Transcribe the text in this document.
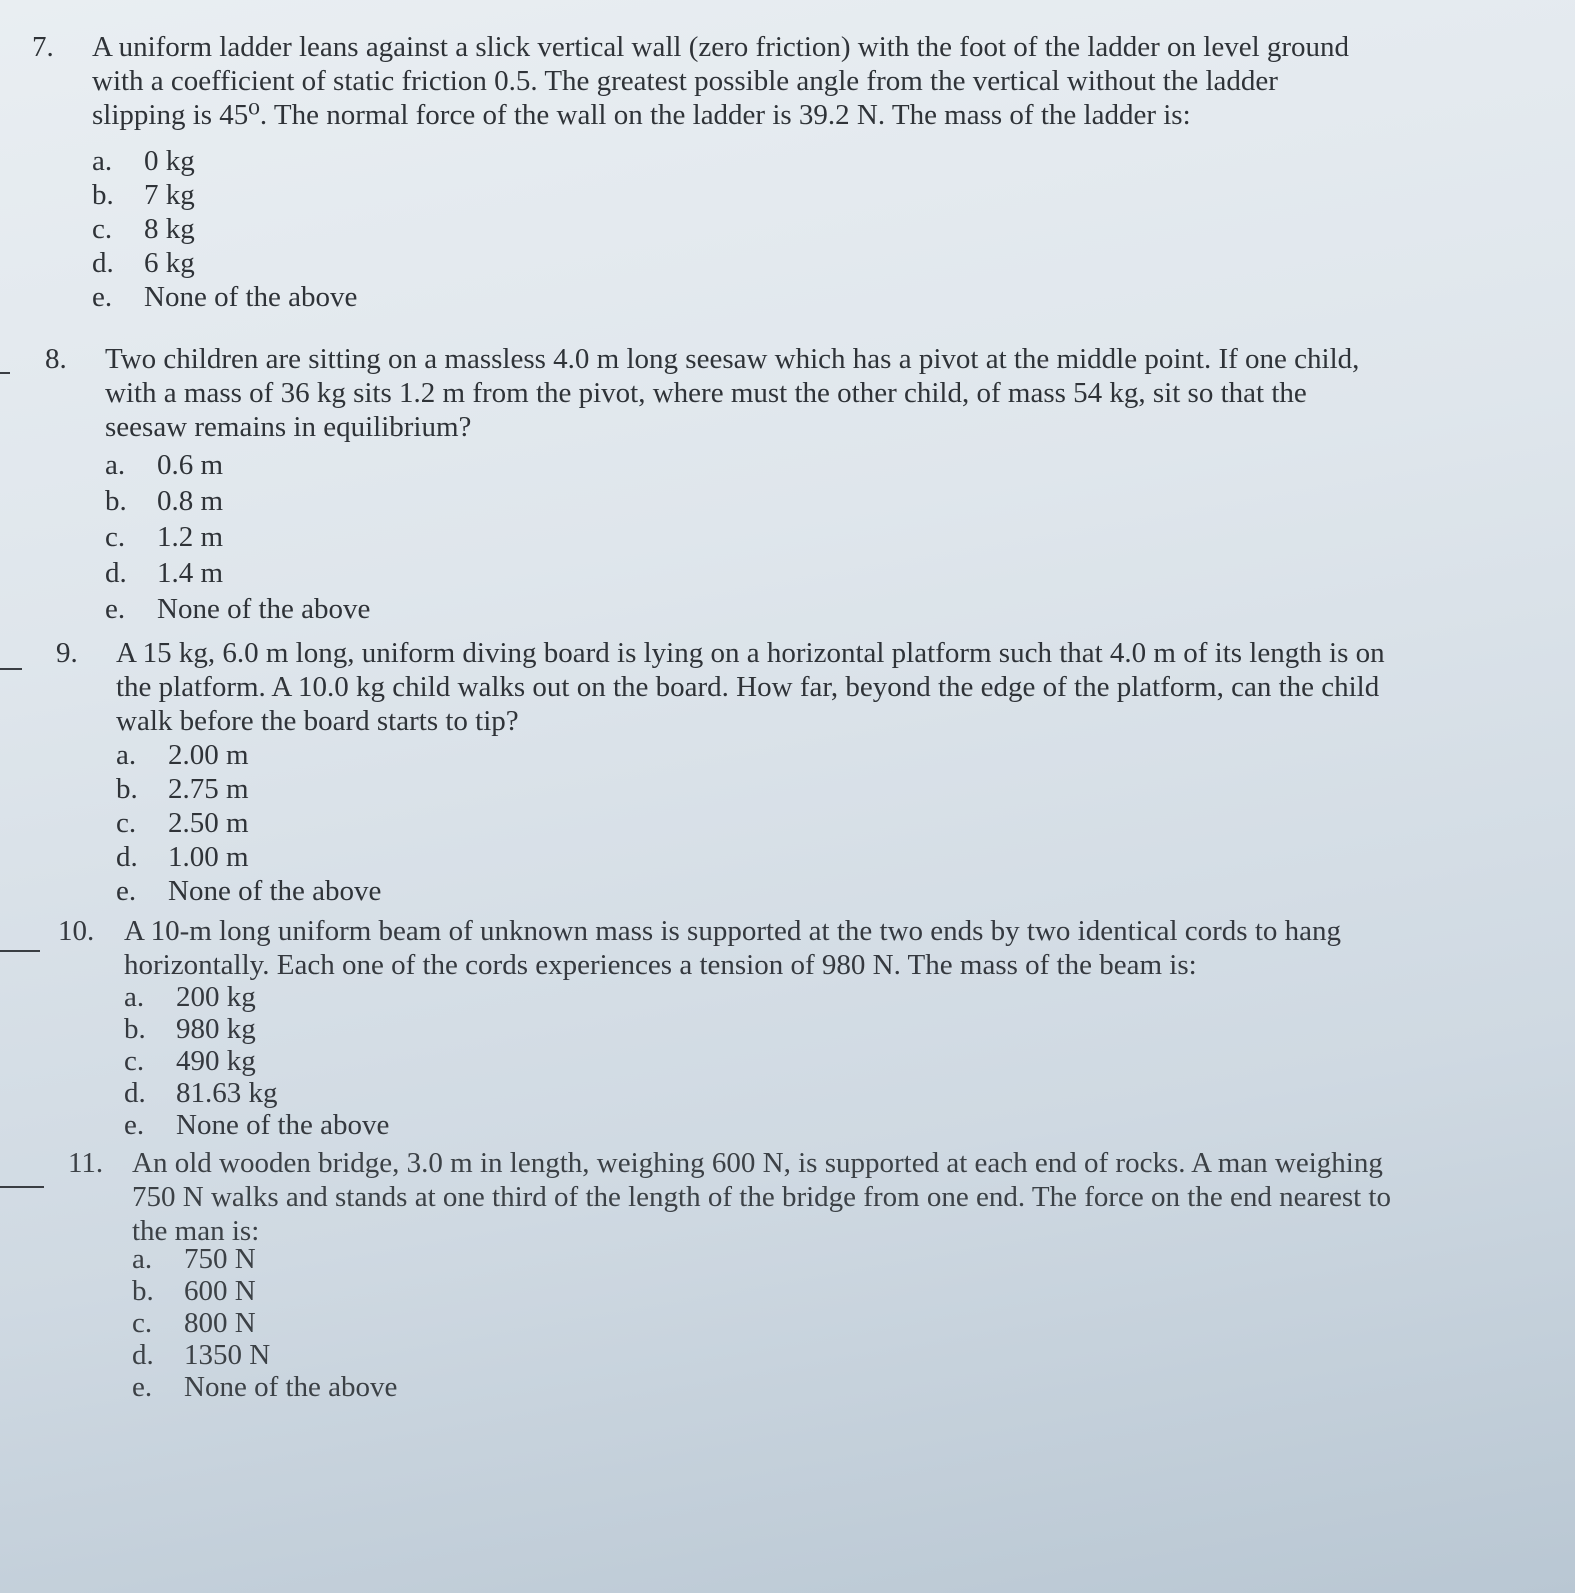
7.	A uniform ladder leans against a slick vertical wall (zero friction) with the foot of the ladder on level ground
with a coefficient of static friction 0.5. The greatest possible angle from the vertical without the ladder
slipping is 45⁰. The normal force of the wall on the ladder is 39.2 N. The mass of the ladder is:
a. 0 kg
b. 7 kg
c. 8 kg
d. 6 kg
e. None of the above
8.	Two children are sitting on a massless 4.0 m long seesaw which has a pivot at the middle point. If one child,
with a mass of 36 kg sits 1.2 m from the pivot, where must the other child, of mass 54 kg, sit so that the
seesaw remains in equilibrium?
a. 0.6 m
b. 0.8 m
c. 1.2 m
d. 1.4 m
e. None of the above
9.	A 15 kg, 6.0 m long, uniform diving board is lying on a horizontal platform such that 4.0 m of its length is on
the platform. A 10.0 kg child walks out on the board. How far, beyond the edge of the platform, can the child
walk before the board starts to tip?
a. 2.00 m
b. 2.75 m
c. 2.50 m
d. 1.00 m
e. None of the above
10.	A 10-m long uniform beam of unknown mass is supported at the two ends by two identical cords to hang
horizontally. Each one of the cords experiences a tension of 980 N. The mass of the beam is:
a. 200 kg
b. 980 kg
c. 490 kg
d. 81.63 kg
e. None of the above
11. An old wooden bridge, 3.0 m in length, weighing 600 N, is supported at each end of rocks. A man weighing
750 N walks and stands at one third of the length of the bridge from one end. The force on the end nearest to
the man is:
a. 750 N
b. 600 N
c. 800 N
d. 1350 N
e. None of the above
